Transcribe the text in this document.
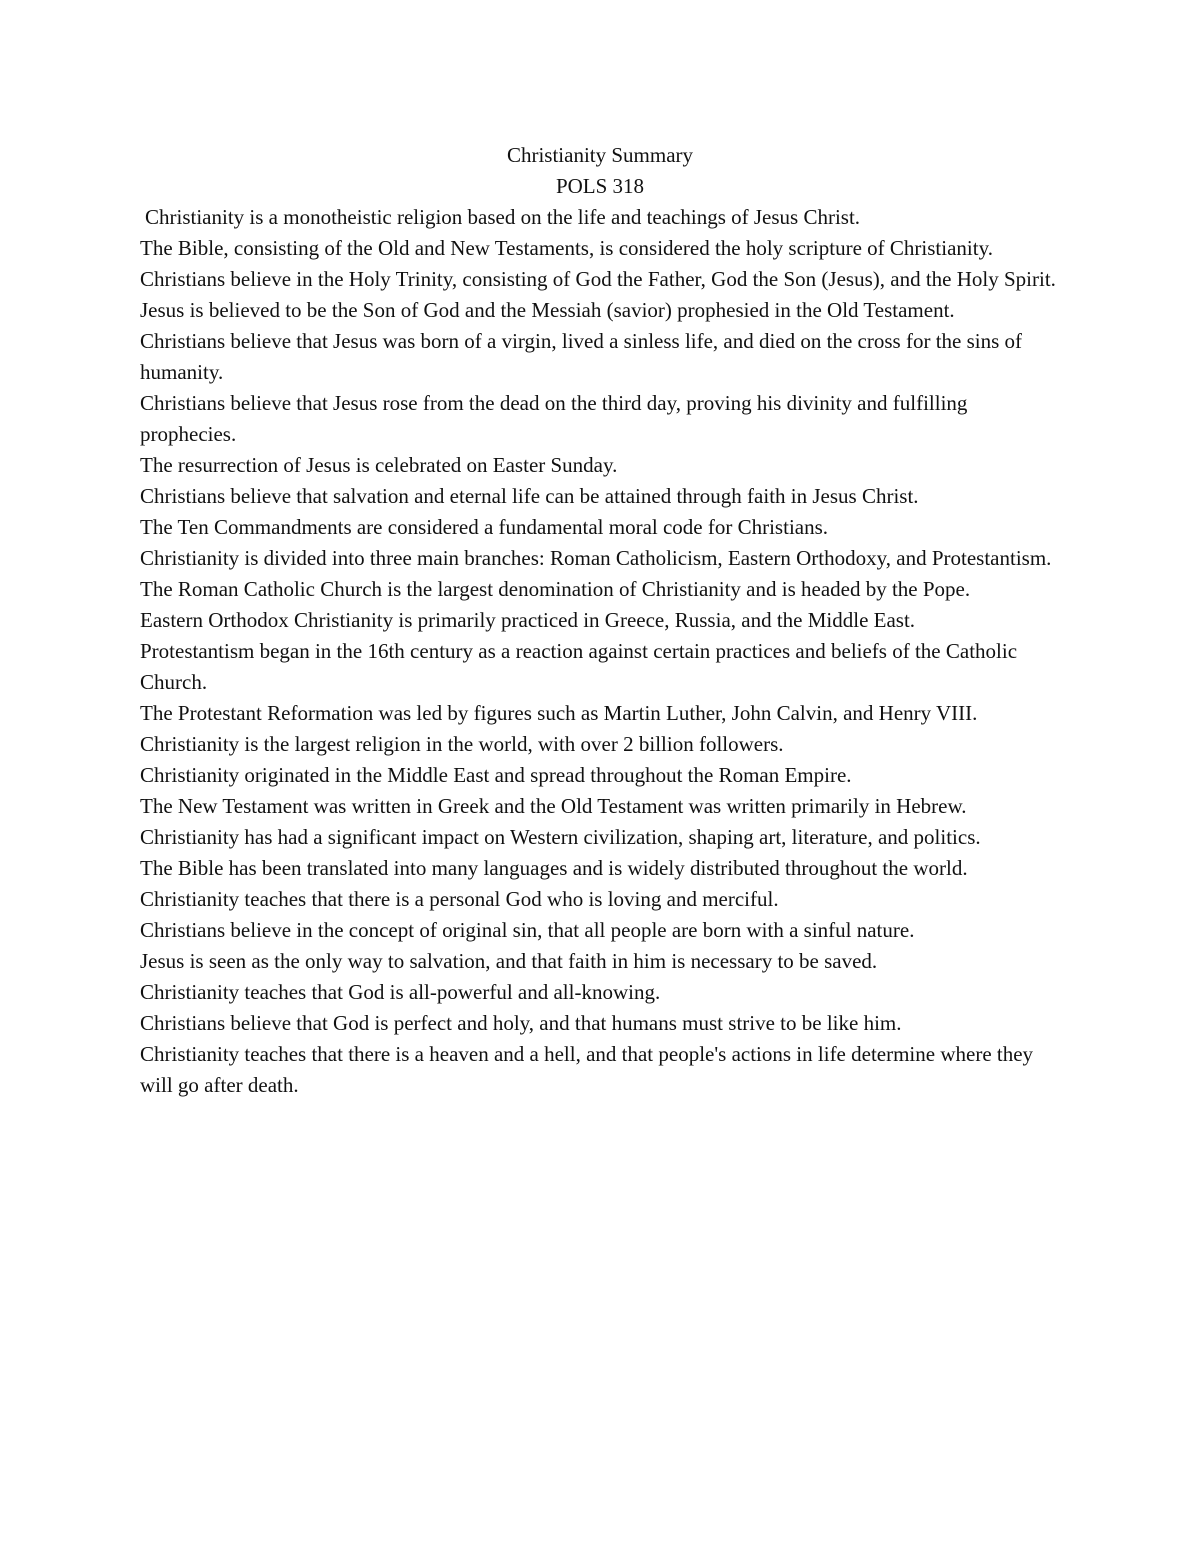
Christianity Summary

POLS 318

Christianity is a monotheistic religion based on the life and teachings of Jesus Christ.

The Bible, consisting of the Old and New Testaments, is considered the holy scripture of Christianity.

Christians believe in the Holy Trinity, consisting of God the Father, God the Son (Jesus), and the Holy Spirit.

Jesus is believed to be the Son of God and the Messiah (savior) prophesied in the Old Testament.

Christians believe that Jesus was born of a virgin, lived a sinless life, and died on the cross for the sins of humanity.

Christians believe that Jesus rose from the dead on the third day, proving his divinity and fulfilling prophecies.

The resurrection of Jesus is celebrated on Easter Sunday.

Christians believe that salvation and eternal life can be attained through faith in Jesus Christ.

The Ten Commandments are considered a fundamental moral code for Christians.

Christianity is divided into three main branches: Roman Catholicism, Eastern Orthodoxy, and Protestantism.

The Roman Catholic Church is the largest denomination of Christianity and is headed by the Pope.

Eastern Orthodox Christianity is primarily practiced in Greece, Russia, and the Middle East.

Protestantism began in the 16th century as a reaction against certain practices and beliefs of the Catholic Church.

The Protestant Reformation was led by figures such as Martin Luther, John Calvin, and Henry VIII.

Christianity is the largest religion in the world, with over 2 billion followers.

Christianity originated in the Middle East and spread throughout the Roman Empire.

The New Testament was written in Greek and the Old Testament was written primarily in Hebrew.

Christianity has had a significant impact on Western civilization, shaping art, literature, and politics.

The Bible has been translated into many languages and is widely distributed throughout the world.

Christianity teaches that there is a personal God who is loving and merciful.

Christians believe in the concept of original sin, that all people are born with a sinful nature.

Jesus is seen as the only way to salvation, and that faith in him is necessary to be saved.

Christianity teaches that God is all-powerful and all-knowing.

Christians believe that God is perfect and holy, and that humans must strive to be like him.

Christianity teaches that there is a heaven and a hell, and that people's actions in life determine where they will go after death.
